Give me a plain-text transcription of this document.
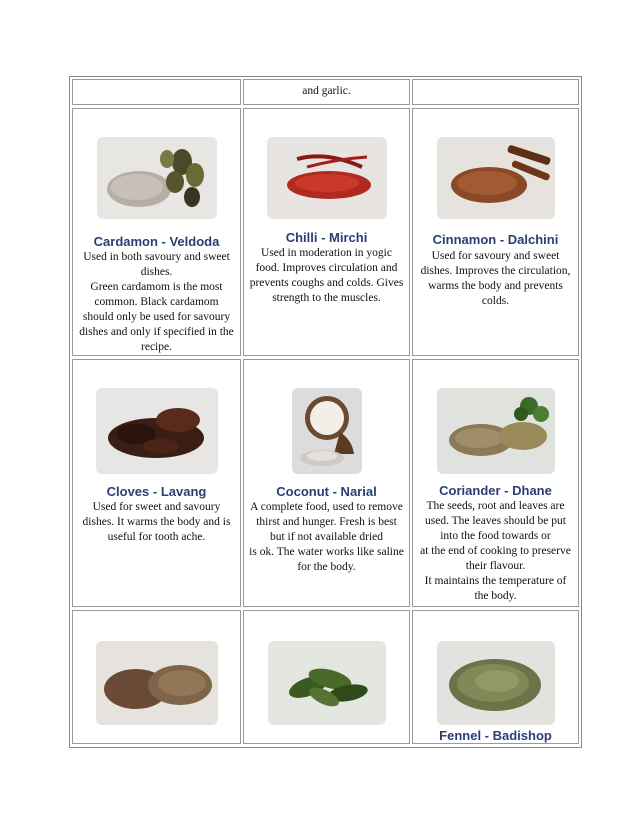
and garlic.
Cardamon - Veldoda
Used in both savoury and sweet
dishes.
Green cardamom is the most
common. Black cardamom
should only be used for savoury
dishes and only if specified in the
recipe.
Chilli - Mirchi
Used in moderation in yogic
food. Improves circulation and
prevents coughs and colds. Gives
strength to the muscles.
Cinnamon - Dalchini
Used for savoury and sweet
dishes. Improves the circulation,
warms the body and prevents
colds.
Cloves - Lavang
Used for sweet and savoury
dishes. It warms the body and is
useful for tooth ache.
Coconut - Narial
A complete food, used to remove
thirst and hunger. Fresh is best
but if not available dried
is ok. The water works like saline
for the body.
Coriander - Dhane
The seeds, root and leaves are
used. The leaves should be put
into the food towards or
at the end of cooking to preserve
their flavour.
It maintains the temperature of
the body.
Fennel - Badishop
